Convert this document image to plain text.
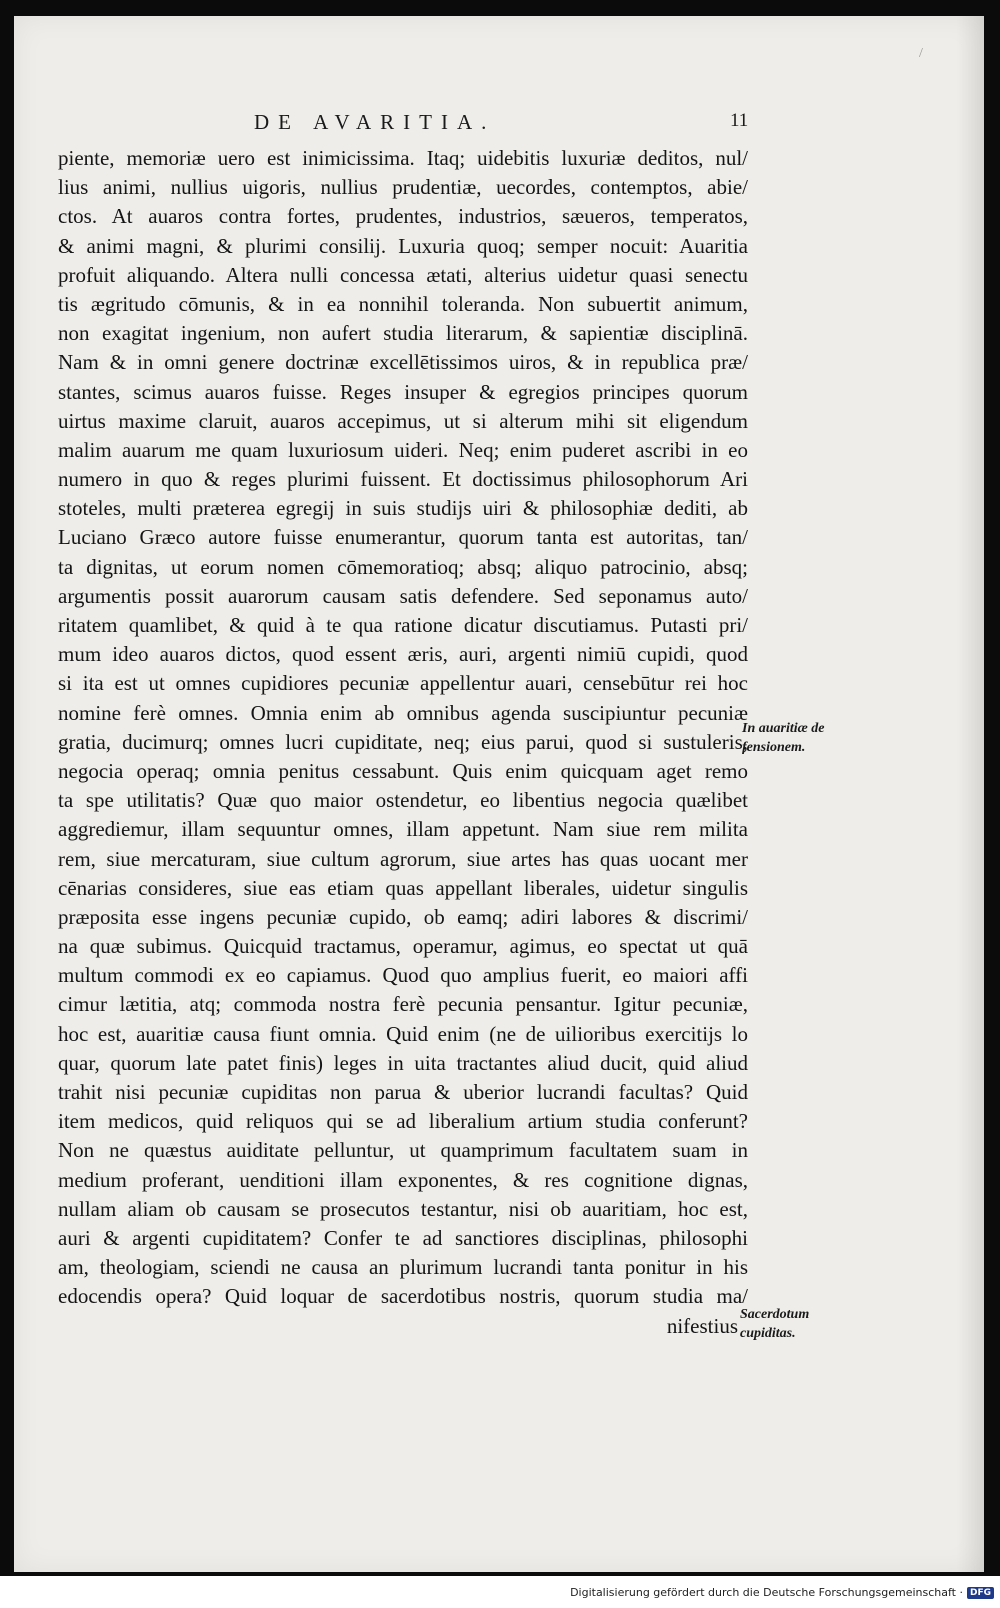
/
DE AVARITIA.	11
piente, memoriæ uero est inimicissima. Itaq; uidebitis luxuriæ deditos, nul/
lius animi, nullius uigoris, nullius prudentiæ, uecordes, contemptos, abie/
ctos. At auaros contra fortes, prudentes, industrios, sæueros, temperatos,
& animi magni, & plurimi consilij. Luxuria quoq; semper nocuit: Auaritia
profuit aliquando. Altera nulli concessa ætati, alterius uidetur quasi senectu
tis ægritudo cōmunis, & in ea nonnihil toleranda. Non subuertit animum,
non exagitat ingenium, non aufert studia literarum, & sapientiæ disciplinā.
Nam & in omni genere doctrinæ excellētissimos uiros, & in republica præ/
stantes, scimus auaros fuisse. Reges insuper & egregios principes quorum
uirtus maxime claruit, auaros accepimus, ut si alterum mihi sit eligendum
malim auarum me quam luxuriosum uideri. Neq; enim puderet ascribi in eo
numero in quo & reges plurimi fuissent. Et doctissimus philosophorum Ari
stoteles, multi præterea egregij in suis studijs uiri & philosophiæ dediti, ab
Luciano Græco autore fuisse enumerantur, quorum tanta est autoritas, tan/
ta dignitas, ut eorum nomen cōmemoratioq; absq; aliquo patrocinio, absq;
argumentis possit auarorum causam satis defendere. Sed seponamus auto/
ritatem quamlibet, & quid à te qua ratione dicatur discutiamus. Putasti pri/
mum ideo auaros dictos, quod essent æris, auri, argenti nimiū cupidi, quod
si ita est ut omnes cupidiores pecuniæ appellentur auari, censebūtur rei hoc
nomine ferè omnes. Omnia enim ab omnibus agenda suscipiuntur pecuniæ
gratia, ducimurq; omnes lucri cupiditate, neq; eius parui, quod si sustuleris,
negocia operaq; omnia penitus cessabunt. Quis enim quicquam aget remo
ta spe utilitatis? Quæ quo maior ostendetur, eo libentius negocia quælibet
aggrediemur, illam sequuntur omnes, illam appetunt. Nam siue rem milita
rem, siue mercaturam, siue cultum agrorum, siue artes has quas uocant mer
cēnarias consideres, siue eas etiam quas appellant liberales, uidetur singulis
præposita esse ingens pecuniæ cupido, ob eamq; adiri labores & discrimi/
na quæ subimus. Quicquid tractamus, operamur, agimus, eo spectat ut quā
multum commodi ex eo capiamus. Quod quo amplius fuerit, eo maiori affi
cimur lætitia, atq; commoda nostra ferè pecunia pensantur. Igitur pecuniæ,
hoc est, auaritiæ causa fiunt omnia. Quid enim (ne de uilioribus exercitijs lo
quar, quorum late patet finis) leges in uita tractantes aliud ducit, quid aliud
trahit nisi pecuniæ cupiditas non parua & uberior lucrandi facultas? Quid
item medicos, quid reliquos qui se ad liberalium artium studia conferunt?
Non ne quæstus auiditate pelluntur, ut quamprimum facultatem suam in
medium proferant, uenditioni illam exponentes, & res cognitione dignas,
nullam aliam ob causam se prosecutos testantur, nisi ob auaritiam, hoc est,
auri & argenti cupiditatem? Confer te ad sanctiores disciplinas, philosophi
am, theologiam, sciendi ne causa an plurimum lucrandi tanta ponitur in his
edocendis opera? Quid loquar de sacerdotibus nostris, quorum studia ma/
nifestius
In auaritiæ de
fensionem.
Sacerdotum
cupiditas.
Digitalisierung gefördert durch die Deutsche Forschungsgemeinschaft · DFG
